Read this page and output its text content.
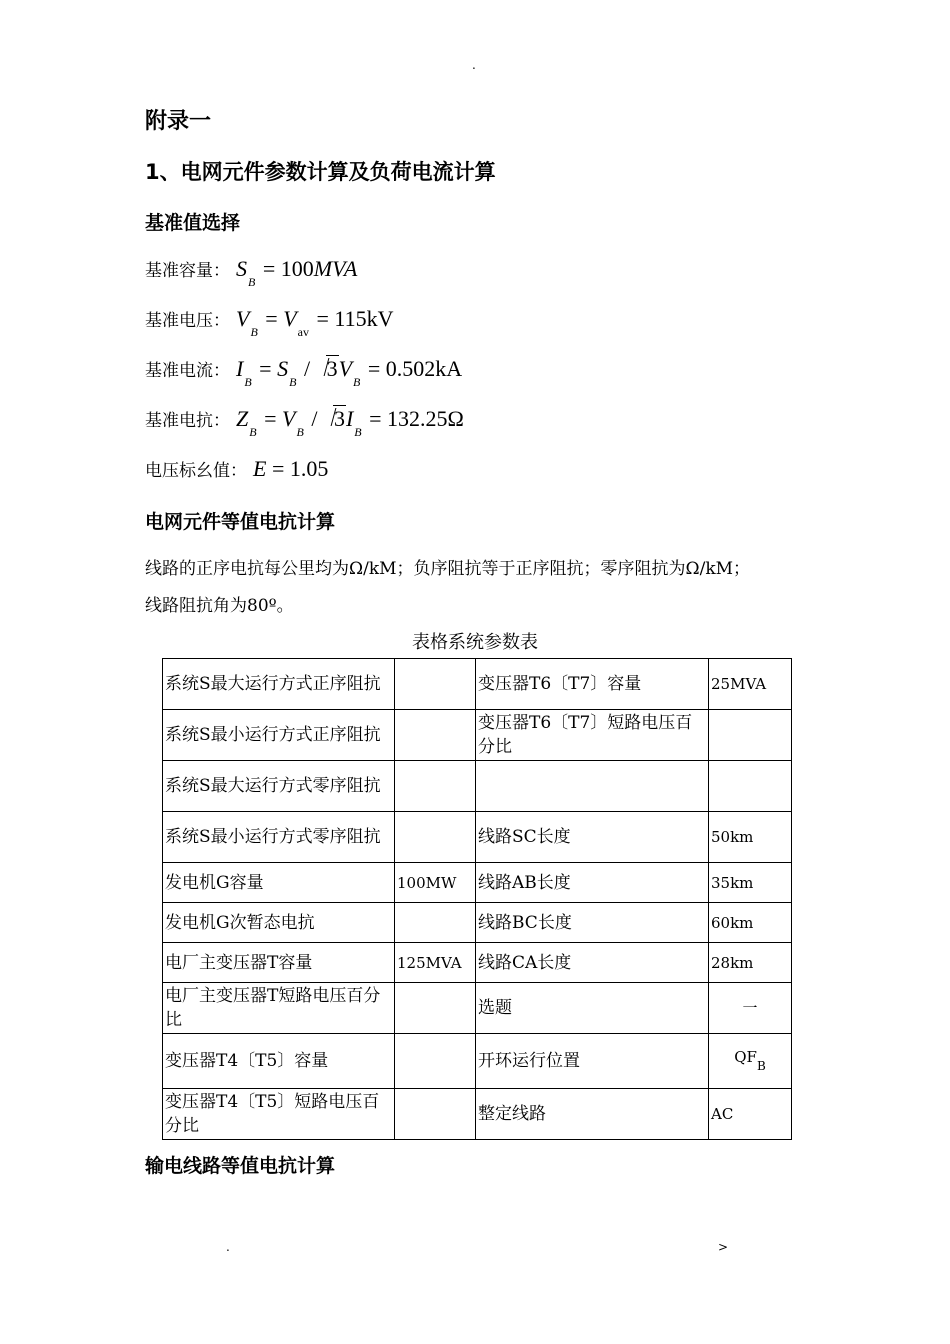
.
附录一
1、电网元件参数计算及负荷电流计算
基准值选择
基准容量： $S_B = 100MVA$
基准电压： $V_B = V_{av} = 115kV$
基准电流： $I_B = S_B / 3V_B = 0.502kA$
基准电抗： $Z_B = V_B / 3I_B = 132.25\Omega$
电压标幺值： E = 1.05
电网元件等值电抗计算
线路的正序电抗每公里均为Ω/kM；负序阻抗等于正序阻抗；零序阻抗为Ω/kM；
线路阻抗角为80º。
表格系统参数表
系统S最大运行方式正序阻抗		变压器T6〔T7〕容量	25MVA
系统S最小运行方式正序阻抗		变压器T6〔T7〕短路电压百分比	
系统S最大运行方式零序阻抗			
系统S最小运行方式零序阻抗		线路SC长度	50km
发电机G容量	100MW	线路AB长度	35km
发电机G次暂态电抗		线路BC长度	60km
电厂主变压器T容量	125MVA	线路CA长度	28km
电厂主变压器T短路电压百分比		选题	一
变压器T4〔T5〕容量		开环运行位置	$QF_B$
变压器T4〔T5〕短路电压百分比		整定线路	AC
输电线路等值电抗计算
.	>
